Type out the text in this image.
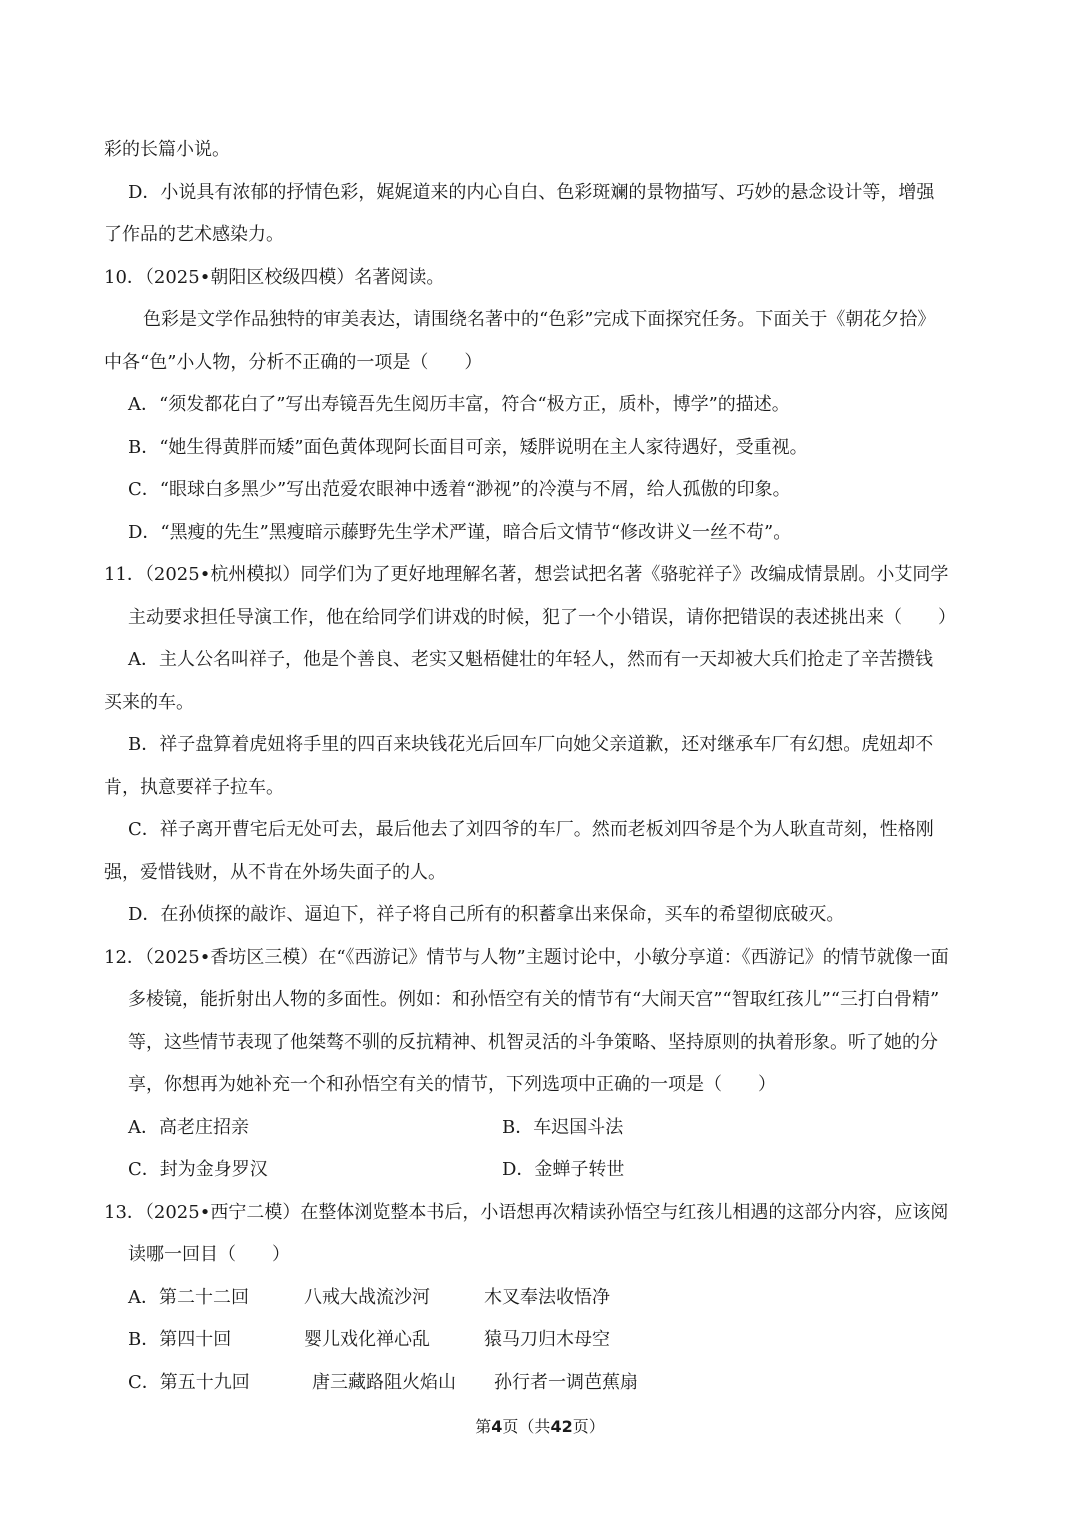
彩的长篇小说。
D．小说具有浓郁的抒情色彩，娓娓道来的内心自白、色彩斑斓的景物描写、巧妙的悬念设计等，增强
了作品的艺术感染力。
10．（2025•朝阳区校级四模）名著阅读。
色彩是文学作品独特的审美表达，请围绕名著中的“色彩”完成下面探究任务。下面关于《朝花夕拾》
中各“色”小人物，分析不正确的一项是（　　）
A．“须发都花白了”写出寿镜吾先生阅历丰富，符合“极方正，质朴，博学”的描述。
B．“她生得黄胖而矮”面色黄体现阿长面目可亲，矮胖说明在主人家待遇好，受重视。
C．“眼球白多黑少”写出范爱农眼神中透着“渺视”的冷漠与不屑，给人孤傲的印象。
D．“黑瘦的先生”黑瘦暗示藤野先生学术严谨，暗合后文情节“修改讲义一丝不苟”。
11．（2025•杭州模拟）同学们为了更好地理解名著，想尝试把名著《骆驼祥子》改编成情景剧。小艾同学
主动要求担任导演工作，他在给同学们讲戏的时候，犯了一个小错误，请你把错误的表述挑出来（　　）
A．主人公名叫祥子，他是个善良、老实又魁梧健壮的年轻人，然而有一天却被大兵们抢走了辛苦攒钱
买来的车。
B．祥子盘算着虎妞将手里的四百来块钱花光后回车厂向她父亲道歉，还对继承车厂有幻想。虎妞却不
肯，执意要祥子拉车。
C．祥子离开曹宅后无处可去，最后他去了刘四爷的车厂。然而老板刘四爷是个为人耿直苛刻，性格刚
强，爱惜钱财，从不肯在外场失面子的人。
D．在孙侦探的敲诈、逼迫下，祥子将自己所有的积蓄拿出来保命，买车的希望彻底破灭。
12．（2025•香坊区三模）在“《西游记》情节与人物”主题讨论中，小敏分享道：《西游记》的情节就像一面
多棱镜，能折射出人物的多面性。例如：和孙悟空有关的情节有“大闹天宫”“智取红孩儿”“三打白骨精”
等，这些情节表现了他桀骜不驯的反抗精神、机智灵活的斗争策略、坚持原则的执着形象。听了她的分
享，你想再为她补充一个和孙悟空有关的情节，下列选项中正确的一项是（　　）
A．高老庄招亲	B．车迟国斗法
C．封为金身罗汉	D．金蝉子转世
13．（2025•西宁二模）在整体浏览整本书后，小语想再次精读孙悟空与红孩儿相遇的这部分内容，应该阅
读哪一回目（　　）
A．第二十二回	八戒大战流沙河	木叉奉法收悟净
B．第四十回	婴儿戏化禅心乱	猿马刀归木母空
C．第五十九回	唐三藏路阻火焰山 孙行者一调芭蕉扇
第4页（共42页）
